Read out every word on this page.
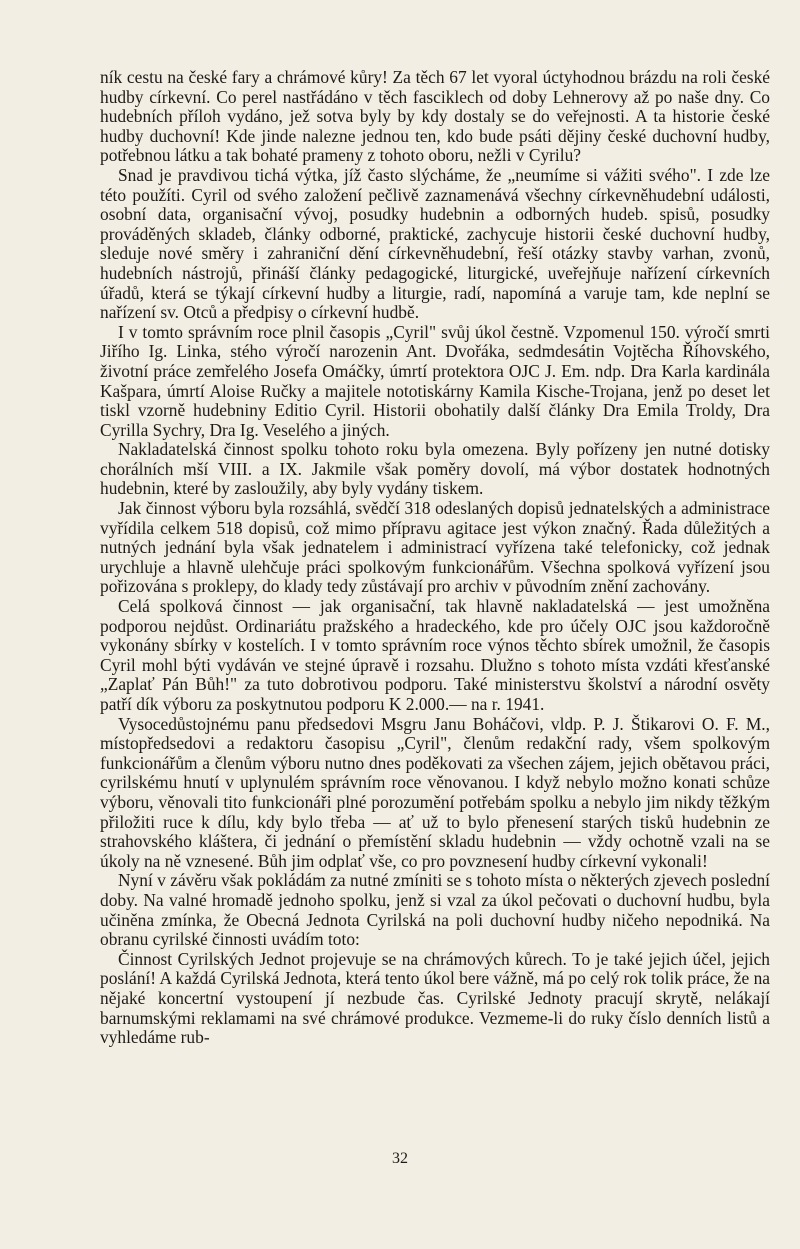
ník cestu na české fary a chrámové kůry! Za těch 67 let vyoral úctyhodnou brázdu na roli české hudby církevní. Co perel nastřádáno v těch fasciklech od doby Lehnerovy až po naše dny. Co hudebních příloh vydáno, jež sotva byly by kdy dostaly se do veřejnosti. A ta historie české hudby duchovní! Kde jinde nalezne jednou ten, kdo bude psáti dějiny české duchovní hudby, potřebnou látku a tak bohaté prameny z tohoto oboru, nežli v Cyrilu?

Snad je pravdivou tichá výtka, jíž často slýcháme, že „neumíme si vážiti svého". I zde lze této použíti. Cyril od svého založení pečlivě zaznamenává všechny církevněhudební události, osobní data, organisační vývoj, posudky hudebnin a odborných hudeb. spisů, posudky prováděných skladeb, články odborné, praktické, zachycuje historii české duchovní hudby, sleduje nové směry i zahraniční dění církevněhudební, řeší otázky stavby varhan, zvonů, hudebních nástrojů, přináší články pedagogické, liturgické, uveřejňuje nařízení církevních úřadů, která se týkají církevní hudby a liturgie, radí, napomíná a varuje tam, kde neplní se nařízení sv. Otců a předpisy o církevní hudbě.

I v tomto správním roce plnil časopis „Cyril" svůj úkol čestně. Vzpomenul 150. výročí smrti Jiřího Ig. Linka, stého výročí narozenin Ant. Dvořáka, sedmdesátin Vojtěcha Říhovského, životní práce zemřelého Josefa Omáčky, úmrtí protektora OJC J. Em. ndp. Dra Karla kardinála Kašpara, úmrtí Aloise Ručky a majitele nototiskárny Kamila Kische-Trojana, jenž po deset let tiskl vzorně hudebniny Editio Cyril. Historii obohatily další články Dra Emila Troldy, Dra Cyrilla Sychry, Dra Ig. Veselého a jiných.

Nakladatelská činnost spolku tohoto roku byla omezena. Byly pořízeny jen nutné dotisky chorálních mší VIII. a IX. Jakmile však poměry dovolí, má výbor dostatek hodnotných hudebnin, které by zasloužily, aby byly vydány tiskem.

Jak činnost výboru byla rozsáhlá, svědčí 318 odeslaných dopisů jednatelských a administrace vyřídila celkem 518 dopisů, což mimo přípravu agitace jest výkon značný. Řada důležitých a nutných jednání byla však jednatelem i administrací vyřízena také telefonicky, což jednak urychluje a hlavně ulehčuje práci spolkovým funkcionářům. Všechna spolková vyřízení jsou pořizována s proklepy, do klady tedy zůstávají pro archiv v původním znění zachovány.

Celá spolková činnost — jak organisační, tak hlavně nakladatelská — jest umožněna podporou nejdůst. Ordinariátu pražského a hradeckého, kde pro účely OJC jsou každoročně vykonány sbírky v kostelích. I v tomto správním roce výnos těchto sbírek umožnil, že časopis Cyril mohl býti vydáván ve stejné úpravě i rozsahu. Dlužno s tohoto místa vzdáti křesťanské „Zaplať Pán Bůh!" za tuto dobrotivou podporu. Také ministerstvu školství a národní osvěty patří dík výboru za poskytnutou podporu K 2.000.— na r. 1941.

Vysocedůstojnému panu předsedovi Msgru Janu Boháčovi, vldp. P. J. Štikarovi O. F. M., místopředsedovi a redaktoru časopisu „Cyril", členům redakční rady, všem spolkovým funkcionářům a členům výboru nutno dnes poděkovati za všechen zájem, jejich obětavou práci, cyrilskému hnutí v uplynulém správním roce věnovanou. I když nebylo možno konati schůze výboru, věnovali tito funkcionáři plné porozumění potřebám spolku a nebylo jim nikdy těžkým přiložiti ruce k dílu, kdy bylo třeba — ať už to bylo přenesení starých tisků hudebnin ze strahovského kláštera, či jednání o přemístění skladu hudebnin — vždy ochotně vzali na se úkoly na ně vznesené. Bůh jim odplať vše, co pro povznesení hudby církevní vykonali!

Nyní v závěru však pokládám za nutné zmíniti se s tohoto místa o některých zjevech poslední doby. Na valné hromadě jednoho spolku, jenž si vzal za úkol pečovati o duchovní hudbu, byla učiněna zmínka, že Obecná Jednota Cyrilská na poli duchovní hudby ničeho nepodniká. Na obranu cyrilské činnosti uvádím toto:

Činnost Cyrilských Jednot projevuje se na chrámových kůrech. To je také jejich účel, jejich poslání! A každá Cyrilská Jednota, která tento úkol bere vážně, má po celý rok tolik práce, že na nějaké koncertní vystoupení jí nezbude čas. Cyrilské Jednoty pracují skrytě, nelákají barnumskými reklamami na své chrámové produkce. Vezmeme-li do ruky číslo denních listů a vyhledáme rub-

32
